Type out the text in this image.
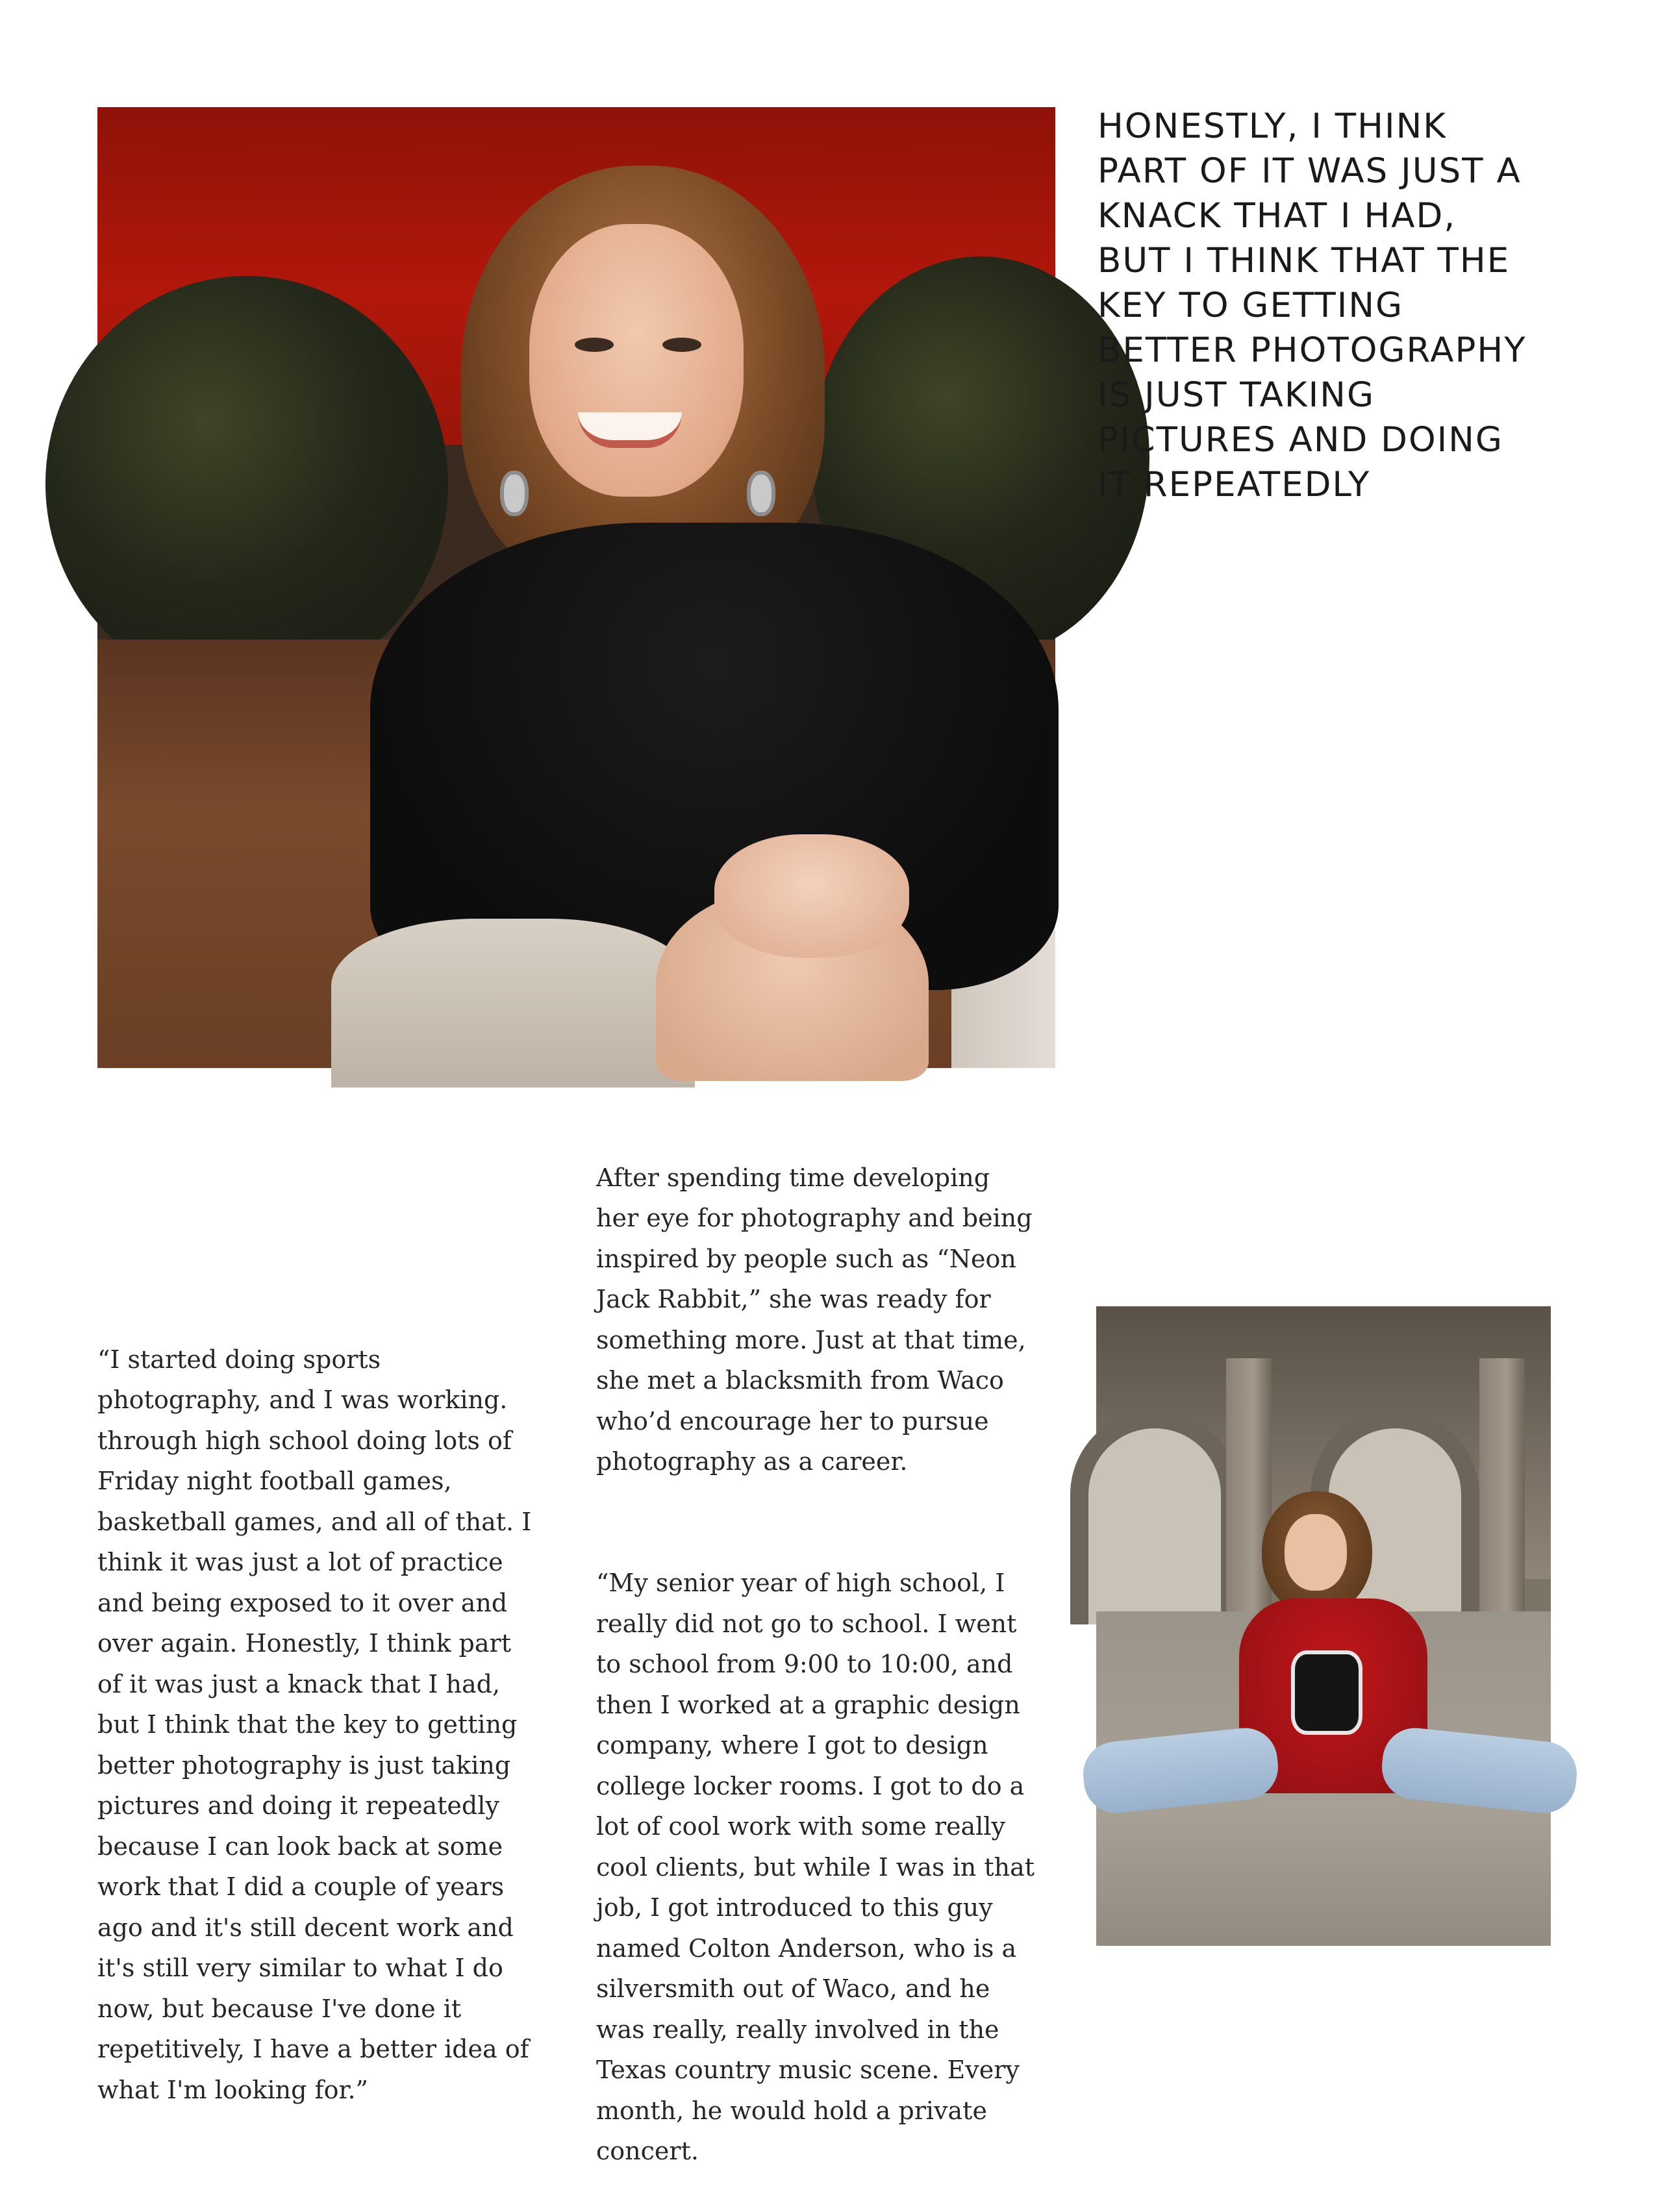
HONESTLY, I THINK
PART OF IT WAS JUST A
KNACK THAT I HAD,
BUT I THINK THAT THE
KEY TO GETTING
BETTER PHOTOGRAPHY
IS JUST TAKING
PICTURES AND DOING
IT REPEATEDLY

“I started doing sports
photography, and I was working.
through high school doing lots of
Friday night football games,
basketball games, and all of that. I
think it was just a lot of practice
and being exposed to it over and
over again. Honestly, I think part
of it was just a knack that I had,
but I think that the key to getting
better photography is just taking
pictures and doing it repeatedly
because I can look back at some
work that I did a couple of years
ago and it's still decent work and
it's still very similar to what I do
now, but because I've done it
repetitively, I have a better idea of
what I'm looking for.”

After spending time developing
her eye for photography and being
inspired by people such as “Neon
Jack Rabbit,” she was ready for
something more. Just at that time,
she met a blacksmith from Waco
who’d encourage her to pursue
photography as a career.

“My senior year of high school, I
really did not go to school. I went
to school from 9:00 to 10:00, and
then I worked at a graphic design
company, where I got to design
college locker rooms. I got to do a
lot of cool work with some really
cool clients, but while I was in that
job, I got introduced to this guy
named Colton Anderson, who is a
silversmith out of Waco, and he
was really, really involved in the
Texas country music scene. Every
month, he would hold a private
concert.
